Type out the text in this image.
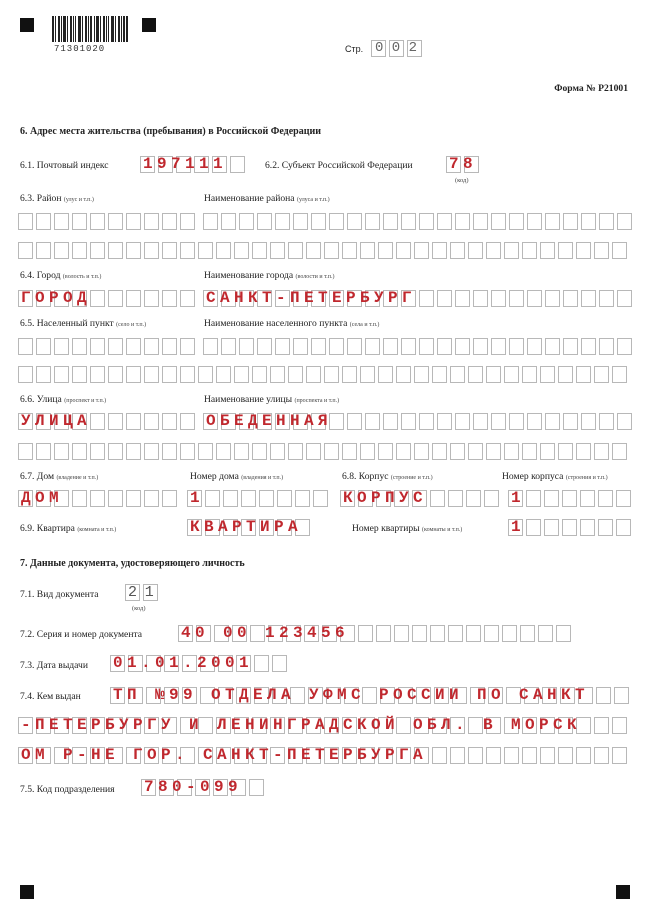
71301020	Стр. 002
Форма № Р21001
6. Адрес места жительства (пребывания) в Российской Федерации
6.1. Почтовый индекс 197111	6.2. Субъект Российской Федерации 78
(код)
6.3. Район (улус и т.п.)	Наименование района (улуса и т.п.)
6.4. Город (волость и т.п.)	Наименование города (волости и т.п.)
ГОРОД	САНКТ-ПЕТЕРБУРГ
6.5. Населенный пункт (село и т.п.)	Наименование населенного пункта (села и т.п.)
6.6. Улица (проспект и т.п.)	Наименование улицы (проспекта и т.п.)
УЛИЦА	ОБЕДЕННАЯ
6.7. Дом (владение и т.п.)	Номер дома (владения и т.п.)	6.8. Корпус (строение и т.п.)	Номер корпуса (строения и т.п.)
ДОМ	1	КОРПУС	1
6.9. Квартира (комната и т.п.)	КВАРТИРА	Номер квартиры (комнаты и т.п.)	1
7. Данные документа, удостоверяющего личность
7.1. Вид документа 21
(код)
7.2. Серия и номер документа 40 00 123456
7.3. Дата выдачи 01.01.2001
7.4. Кем выдан ТП №99 ОТДЕЛА УФМС РОССИИ ПО САНКТ
-ПЕТЕРБУРГУ И ЛЕНИНГРАДСКОЙ ОБЛ. В МОРСК
ОМ Р-НЕ ГОР. САНКТ-ПЕТЕРБУРГА
7.5. Код подразделения 780-099
